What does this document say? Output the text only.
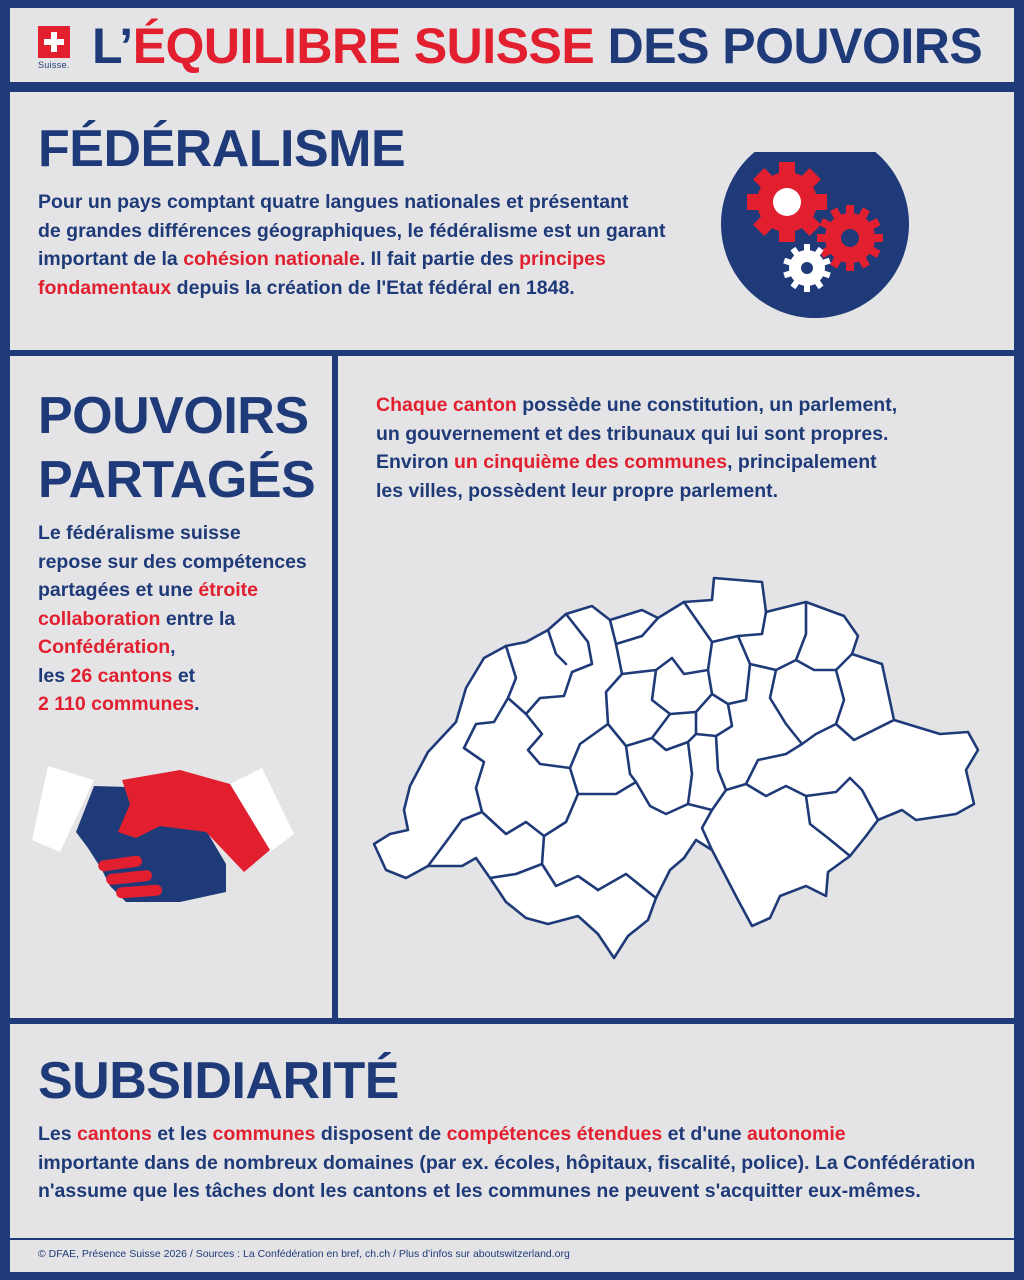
Suisse. L’ÉQUILIBRE SUISSE DES POUVOIRS
FÉDÉRALISME
Pour un pays comptant quatre langues nationales et présentant
de grandes différences géographiques, le fédéralisme est un garant
important de la cohésion nationale. Il fait partie des principes
fondamentaux depuis la création de l'Etat fédéral en 1848.
POUVOIRS
PARTAGÉS
Le fédéralisme suisse
repose sur des compétences
partagées et une étroite
collaboration entre la
Confédération,
les 26 cantons et
2 110 communes.
Chaque canton possède une constitution, un parlement,
un gouvernement et des tribunaux qui lui sont propres.
Environ un cinquième des communes, principalement
les villes, possèdent leur propre parlement.
SUBSIDIARITÉ
Les cantons et les communes disposent de compétences étendues et d'une autonomie
importante dans de nombreux domaines (par ex. écoles, hôpitaux, fiscalité, police). La Confédération
n'assume que les tâches dont les cantons et les communes ne peuvent s'acquitter eux-mêmes.
© DFAE, Présence Suisse 2026 / Sources : La Confédération en bref, ch.ch / Plus d’infos sur aboutswitzerland.org
